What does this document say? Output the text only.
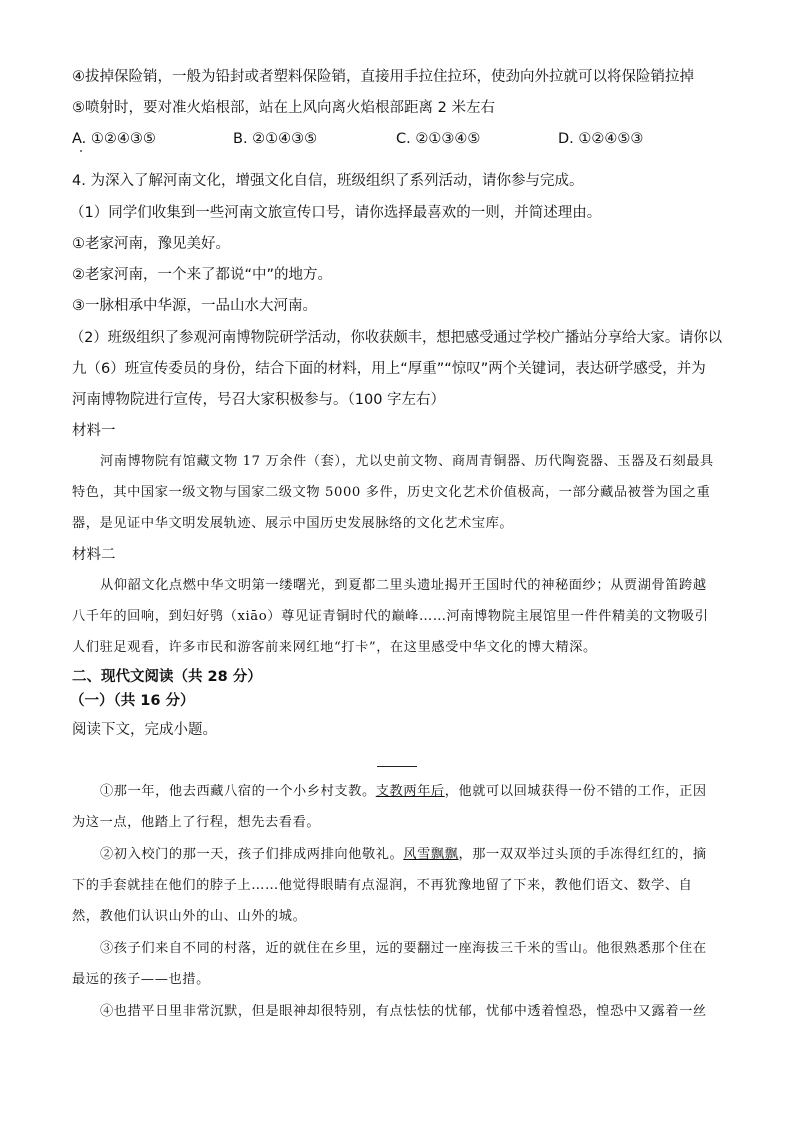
④拔掉保险销，一般为铅封或者塑料保险销，直接用手拉住拉环，使劲向外拉就可以将保险销拉掉
⑤喷射时，要对准火焰根部，站在上风向离火焰根部距离 2 米左右
A. ①②④③⑤	B. ②①④③⑤	C. ②①③④⑤	D. ①②④⑤③
4. 为深入了解河南文化，增强文化自信，班级组织了系列活动，请你参与完成。
（1）同学们收集到一些河南文旅宣传口号，请你选择最喜欢的一则，并简述理由。
①老家河南，豫见美好。
②老家河南，一个来了都说“中”的地方。
③一脉相承中华源，一品山水大河南。
（2）班级组织了参观河南博物院研学活动，你收获颇丰，想把感受通过学校广播站分享给大家。请你以
九（6）班宣传委员的身份，结合下面的材料，用上“厚重”“惊叹”两个关键词，表达研学感受，并为
河南博物院进行宣传，号召大家积极参与。（100 字左右）
材料一
河南博物院有馆藏文物 17 万余件（套），尤以史前文物、商周青铜器、历代陶瓷器、玉器及石刻最具
特色，其中国家一级文物与国家二级文物 5000 多件，历史文化艺术价值极高，一部分藏品被誉为国之重
器，是见证中华文明发展轨迹、展示中国历史发展脉络的文化艺术宝库。
材料二
从仰韶文化点燃中华文明第一缕曙光，到夏都二里头遗址揭开王国时代的神秘面纱；从贾湖骨笛跨越
八千年的回响，到妇好鸮（xiāo）尊见证青铜时代的巅峰……河南博物院主展馆里一件件精美的文物吸引
人们驻足观看，许多市民和游客前来网红地“打卡”，在这里感受中华文化的博大精深。
二、现代文阅读（共 28 分）
（一）（共 16 分）
阅读下文，完成小题。
①那一年，他去西藏八宿的一个小乡村支教。支教两年后，他就可以回城获得一份不错的工作，正因
为这一点，他踏上了行程，想先去看看。
②初入校门的那一天，孩子们排成两排向他敬礼。风雪飘飘，那一双双举过头顶的手冻得红红的，摘
下的手套就挂在他们的脖子上……他觉得眼睛有点湿润，不再犹豫地留了下来，教他们语文、数学、自
然，教他们认识山外的山、山外的城。
③孩子们来自不同的村落，近的就住在乡里，远的要翻过一座海拔三千米的雪山。他很熟悉那个住在
最远的孩子——也措。
④也措平日里非常沉默，但是眼神却很特别，有点怯怯的忧郁，忧郁中透着惶恐，惶恐中又露着一丝
